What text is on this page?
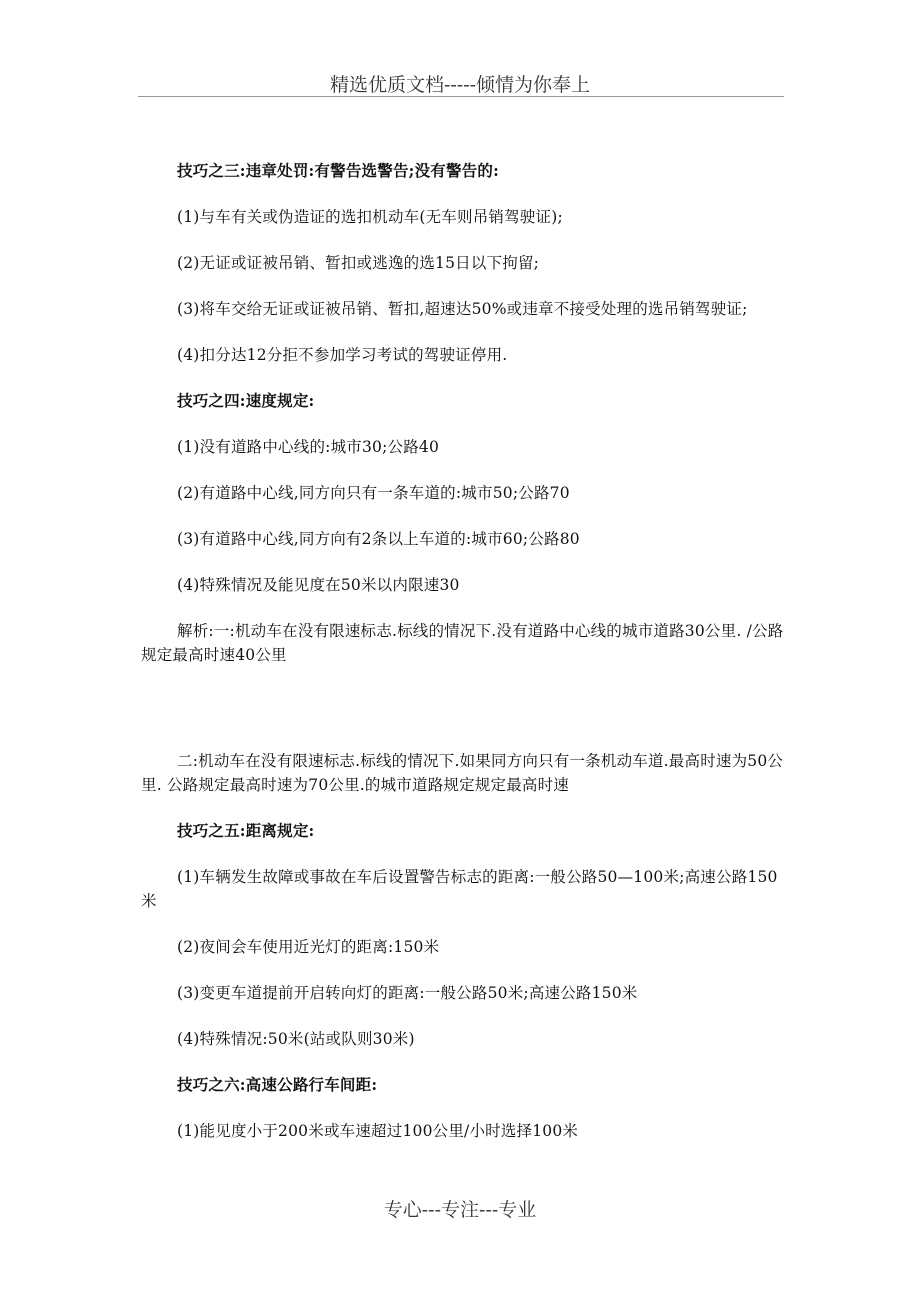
精选优质文档-----倾情为你奉上

技巧之三:违章处罚:有警告选警告;没有警告的:

(1)与车有关或伪造证的选扣机动车(无车则吊销驾驶证);

(2)无证或证被吊销、暂扣或逃逸的选15日以下拘留;

(3)将车交给无证或证被吊销、暂扣,超速达50%或违章不接受处理的选吊销驾驶证;

(4)扣分达12分拒不参加学习考试的驾驶证停用.

技巧之四:速度规定:

(1)没有道路中心线的:城市30;公路40

(2)有道路中心线,同方向只有一条车道的:城市50;公路70

(3)有道路中心线,同方向有2条以上车道的:城市60;公路80

(4)特殊情况及能见度在50米以内限速30

解析:一:机动车在没有限速标志.标线的情况下.没有道路中心线的城市道路30公里. /公路规定最高时速40公里

二:机动车在没有限速标志.标线的情况下.如果同方向只有一条机动车道.最高时速为50公里. 公路规定最高时速为70公里.的城市道路规定规定最高时速

技巧之五:距离规定:

(1)车辆发生故障或事故在车后设置警告标志的距离:一般公路50—100米;高速公路150米

(2)夜间会车使用近光灯的距离:150米

(3)变更车道提前开启转向灯的距离:一般公路50米;高速公路150米

(4)特殊情况:50米(站或队则30米)

技巧之六:高速公路行车间距:

(1)能见度小于200米或车速超过100公里/小时选择100米

专心---专注---专业
